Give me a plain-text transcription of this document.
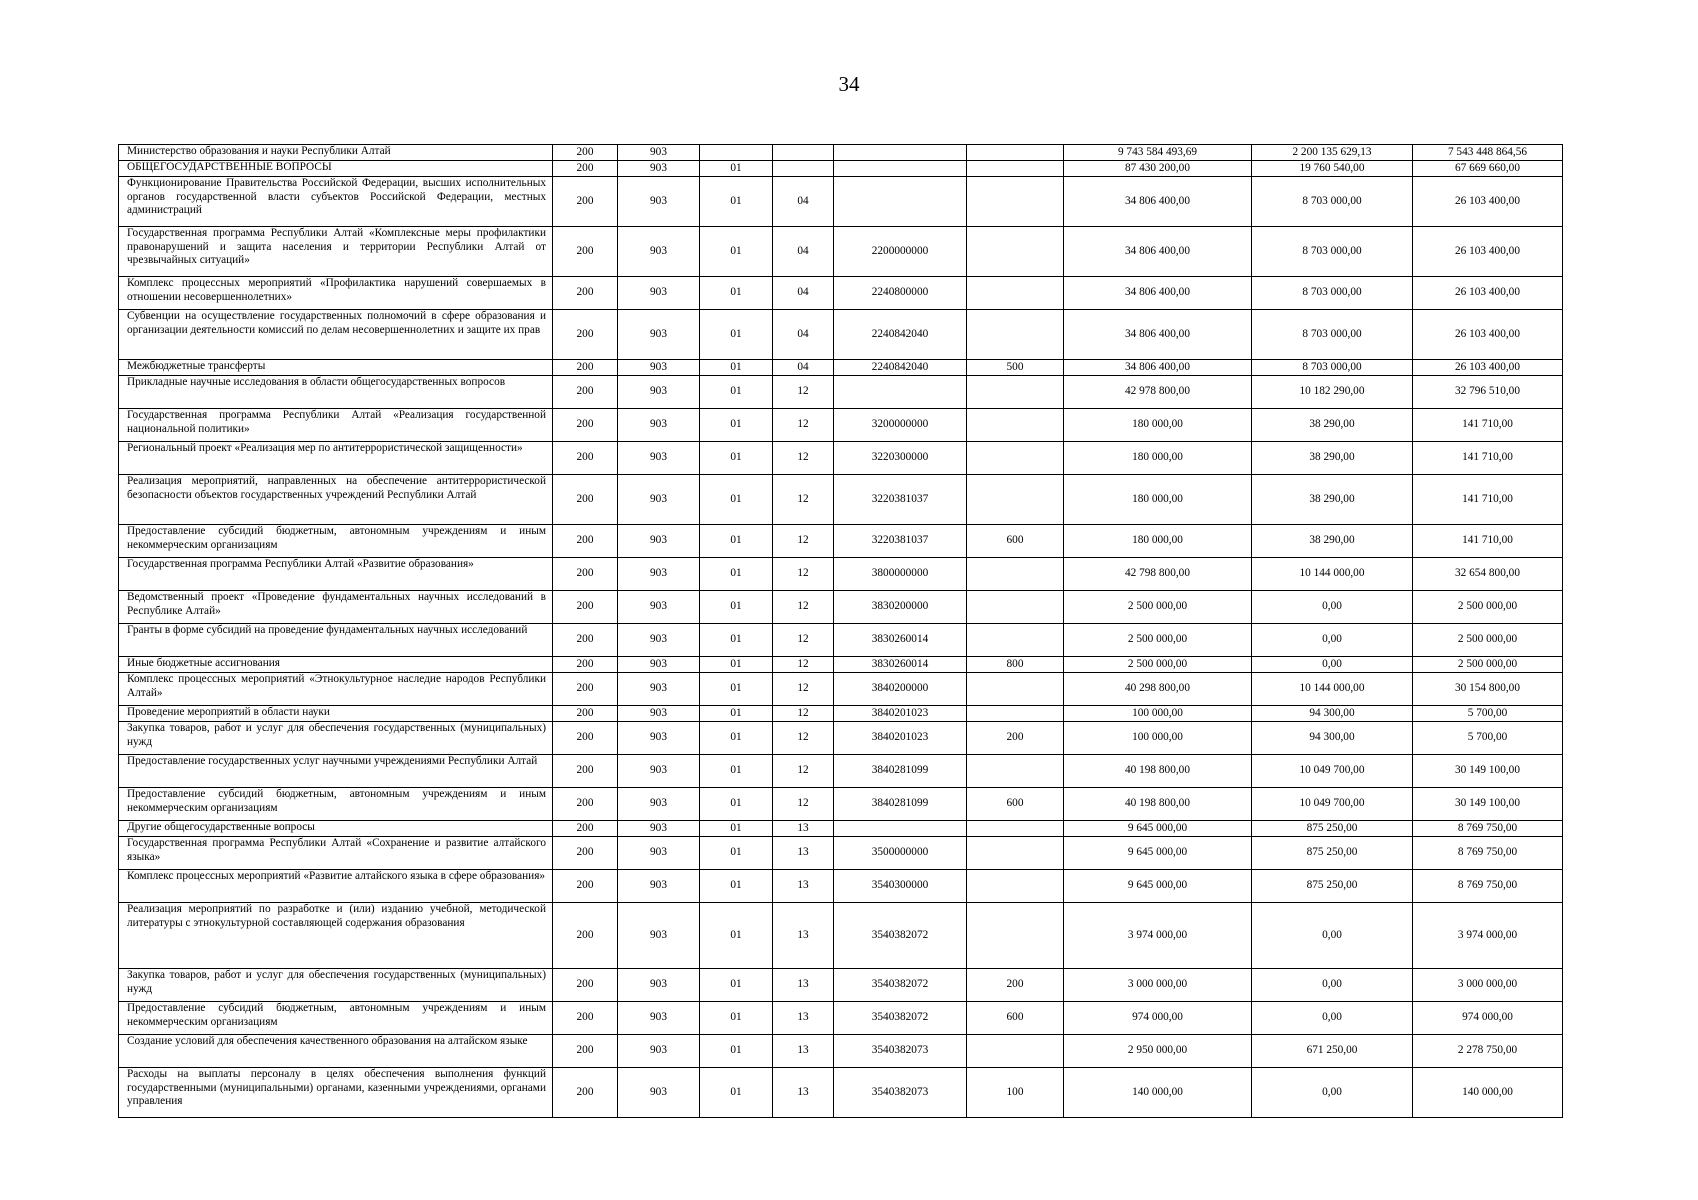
34
Министерство образования и науки Республики Алтай	200	903					9 743 584 493,69	2 200 135 629,13	7 543 448 864,56
ОБЩЕГОСУДАРСТВЕННЫЕ ВОПРОСЫ	200	903	01				87 430 200,00	19 760 540,00	67 669 660,00
Функционирование Правительства Российской Федерации, высших исполнительных органов государственной власти субъектов Российской Федерации, местных администраций	200	903	01	04			34 806 400,00	8 703 000,00	26 103 400,00
Государственная программа Республики Алтай «Комплексные меры профилактики правонарушений и защита населения и территории Республики Алтай от чрезвычайных ситуаций»	200	903	01	04	2200000000		34 806 400,00	8 703 000,00	26 103 400,00
Комплекс процессных мероприятий «Профилактика нарушений совершаемых в отношении несовершеннолетних»	200	903	01	04	2240800000		34 806 400,00	8 703 000,00	26 103 400,00
Субвенции на осуществление государственных полномочий в сфере образования и организации деятельности комиссий по делам несовершеннолетних и защите их прав	200	903	01	04	2240842040		34 806 400,00	8 703 000,00	26 103 400,00
Межбюджетные трансферты	200	903	01	04	2240842040	500	34 806 400,00	8 703 000,00	26 103 400,00
Прикладные научные исследования в области общегосударственных вопросов	200	903	01	12			42 978 800,00	10 182 290,00	32 796 510,00
Государственная программа Республики Алтай «Реализация государственной национальной политики»	200	903	01	12	3200000000		180 000,00	38 290,00	141 710,00
Региональный проект «Реализация мер по антитеррористической защищенности»	200	903	01	12	3220300000		180 000,00	38 290,00	141 710,00
Реализация мероприятий, направленных на обеспечение антитеррористической безопасности объектов государственных учреждений Республики Алтай	200	903	01	12	3220381037		180 000,00	38 290,00	141 710,00
Предоставление субсидий бюджетным, автономным учреждениям и иным некоммерческим организациям	200	903	01	12	3220381037	600	180 000,00	38 290,00	141 710,00
Государственная программа Республики Алтай «Развитие образования»	200	903	01	12	3800000000		42 798 800,00	10 144 000,00	32 654 800,00
Ведомственный проект «Проведение фундаментальных научных исследований в Республике Алтай»	200	903	01	12	3830200000		2 500 000,00	0,00	2 500 000,00
Гранты в форме субсидий на проведение фундаментальных научных исследований	200	903	01	12	3830260014		2 500 000,00	0,00	2 500 000,00
Иные бюджетные ассигнования	200	903	01	12	3830260014	800	2 500 000,00	0,00	2 500 000,00
Комплекс процессных мероприятий «Этнокультурное наследие народов Республики Алтай»	200	903	01	12	3840200000		40 298 800,00	10 144 000,00	30 154 800,00
Проведение мероприятий в области науки	200	903	01	12	3840201023		100 000,00	94 300,00	5 700,00
Закупка товаров, работ и услуг для обеспечения государственных (муниципальных) нужд	200	903	01	12	3840201023	200	100 000,00	94 300,00	5 700,00
Предоставление государственных услуг научными учреждениями Республики Алтай	200	903	01	12	3840281099		40 198 800,00	10 049 700,00	30 149 100,00
Предоставление субсидий бюджетным, автономным учреждениям и иным некоммерческим организациям	200	903	01	12	3840281099	600	40 198 800,00	10 049 700,00	30 149 100,00
Другие общегосударственные вопросы	200	903	01	13			9 645 000,00	875 250,00	8 769 750,00
Государственная программа Республики Алтай «Сохранение и развитие алтайского языка»	200	903	01	13	3500000000		9 645 000,00	875 250,00	8 769 750,00
Комплекс процессных мероприятий «Развитие алтайского языка в сфере образования»	200	903	01	13	3540300000		9 645 000,00	875 250,00	8 769 750,00
Реализация мероприятий по разработке и (или) изданию учебной, методической литературы с этнокультурной составляющей содержания образования	200	903	01	13	3540382072		3 974 000,00	0,00	3 974 000,00
Закупка товаров, работ и услуг для обеспечения государственных (муниципальных) нужд	200	903	01	13	3540382072	200	3 000 000,00	0,00	3 000 000,00
Предоставление субсидий бюджетным, автономным учреждениям и иным некоммерческим организациям	200	903	01	13	3540382072	600	974 000,00	0,00	974 000,00
Создание условий для обеспечения качественного образования на алтайском языке	200	903	01	13	3540382073		2 950 000,00	671 250,00	2 278 750,00
Расходы на выплаты персоналу в целях обеспечения выполнения функций государственными (муниципальными) органами, казенными учреждениями, органами управления	200	903	01	13	3540382073	100	140 000,00	0,00	140 000,00
